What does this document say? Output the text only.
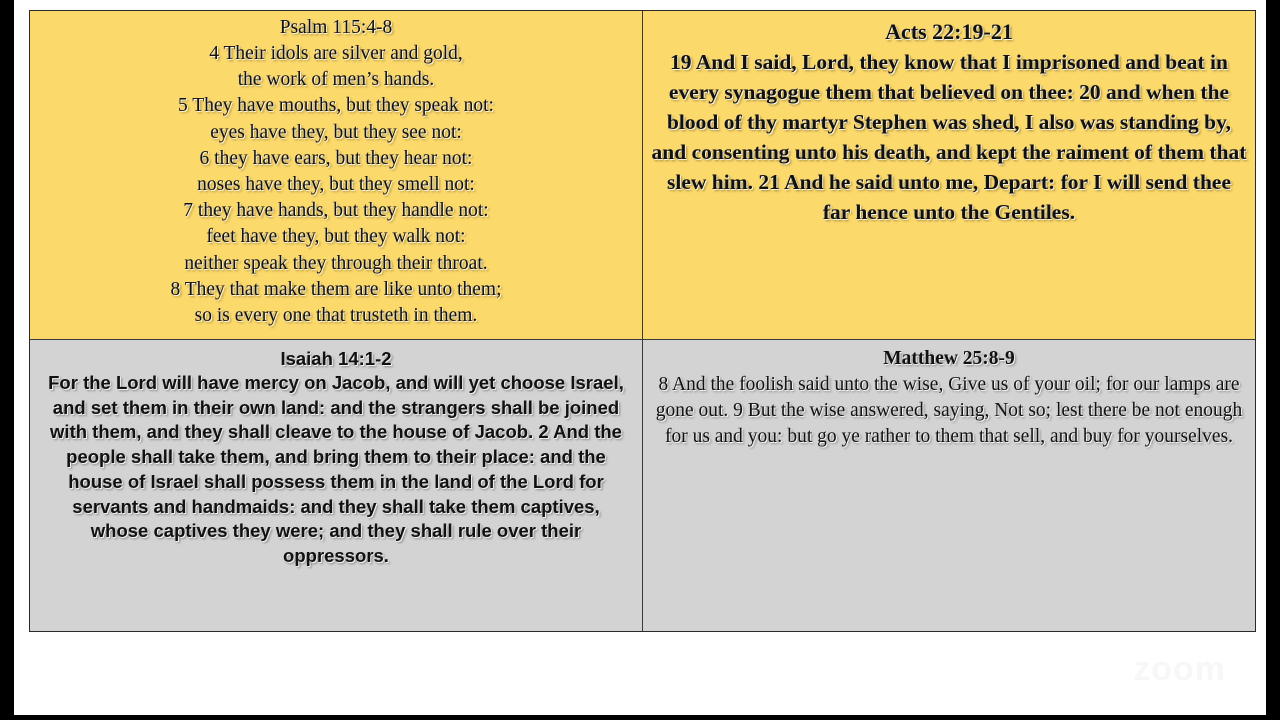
Psalm 115:4-8
4 Their idols are silver and gold,
the work of men’s hands.
5 They have mouths, but they speak not:
eyes have they, but they see not:
6 they have ears, but they hear not:
noses have they, but they smell not:
7 they have hands, but they handle not:
feet have they, but they walk not:
neither speak they through their throat.
8 They that make them are like unto them;
so is every one that trusteth in them.
Acts 22:19-21

19 And I said, Lord, they know that I imprisoned and beat in every synagogue them that believed on thee: 20 and when the blood of thy martyr Stephen was shed, I also was standing by, and consenting unto his death, and kept the raiment of them that slew him. 21 And he said unto me, Depart: for I will send thee far hence unto the Gentiles.

Isaiah 14:1-2

For the Lord will have mercy on Jacob, and will yet choose Israel, and set them in their own land: and the strangers shall be joined with them, and they shall cleave to the house of Jacob. 2 And the people shall take them, and bring them to their place: and the house of Israel shall possess them in the land of the Lord for servants and handmaids: and they shall take them captives, whose captives they were; and they shall rule over their oppressors.

Matthew 25:8-9

8 And the foolish said unto the wise, Give us of your oil; for our lamps are gone out. 9 But the wise answered, saying, Not so; lest there be not enough for us and you: but go ye rather to them that sell, and buy for yourselves.

zoom
